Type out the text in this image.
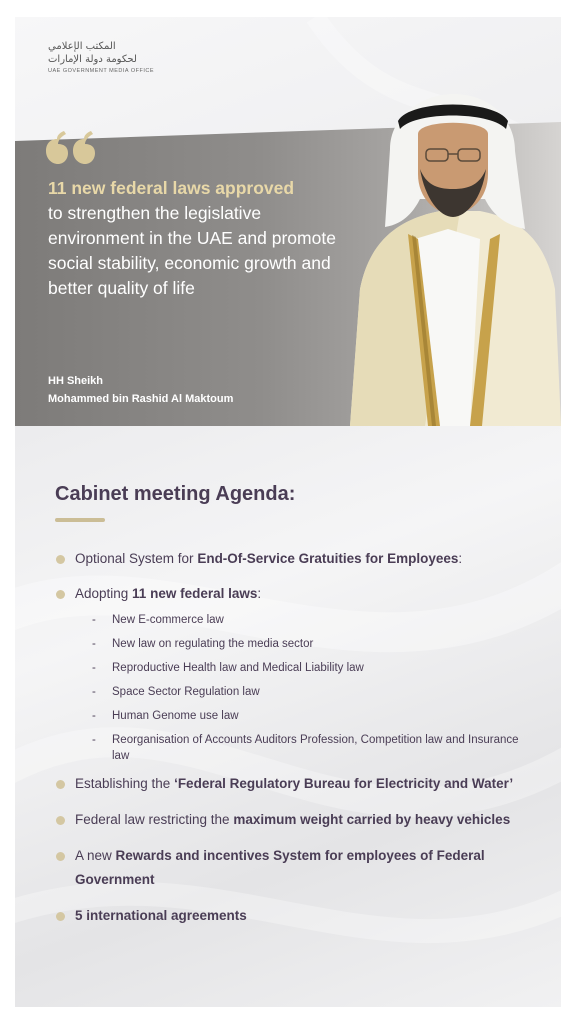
المكتب الإعلامي
لحكومة دولة الإمارات
UAE GOVERNMENT MEDIA OFFICE
11 new federal laws approved
to strengthen the legislative environment in the UAE and promote social stability, economic growth and better quality of life
HH Sheikh
Mohammed bin Rashid Al Maktoum
Cabinet meeting Agenda:
Optional System for End-Of-Service Gratuities for Employees:
Adopting 11 new federal laws:
- New E-commerce law
- New law on regulating the media sector
- Reproductive Health law and Medical Liability law
- Space Sector Regulation law
- Human Genome use law
- Reorganisation of Accounts Auditors Profession, Competition law and Insurance law
Establishing the ‘Federal Regulatory Bureau for Electricity and Water’
Federal law restricting the maximum weight carried by heavy vehicles
A new Rewards and incentives System for employees of Federal Government
5 international agreements
